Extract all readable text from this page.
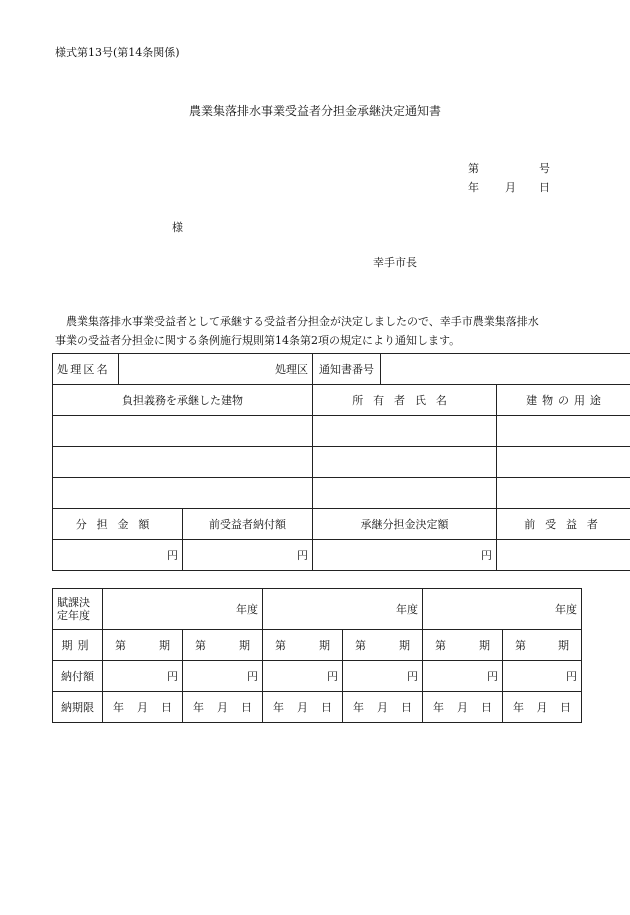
様式第13号(第14条関係)
農業集落排水事業受益者分担金承継決定通知書
第	号
年 月 日
様
幸手市長
　農業集落排水事業受益者として承継する受益者分担金が決定しましたので、幸手市農業集落排水
事業の受益者分担金に関する条例施行規則第14条第2項の規定により通知します。
処理区名	処理区		通知書番号		
負担義務を承継した建物			所有者氏名		建物の用途

分担金額		前受益者納付額	承継分担金決定額		前受益者
円		円	円		
賦課決定年度	年度		年度		年度	
期別	第 期	第 期	第 期	第 期	第 期	第 期

納付額	円	円	円	円	円	円
納期限	年 月 日	年 月 日	年 月 日	年 月 日	年 月 日	年 月 日
